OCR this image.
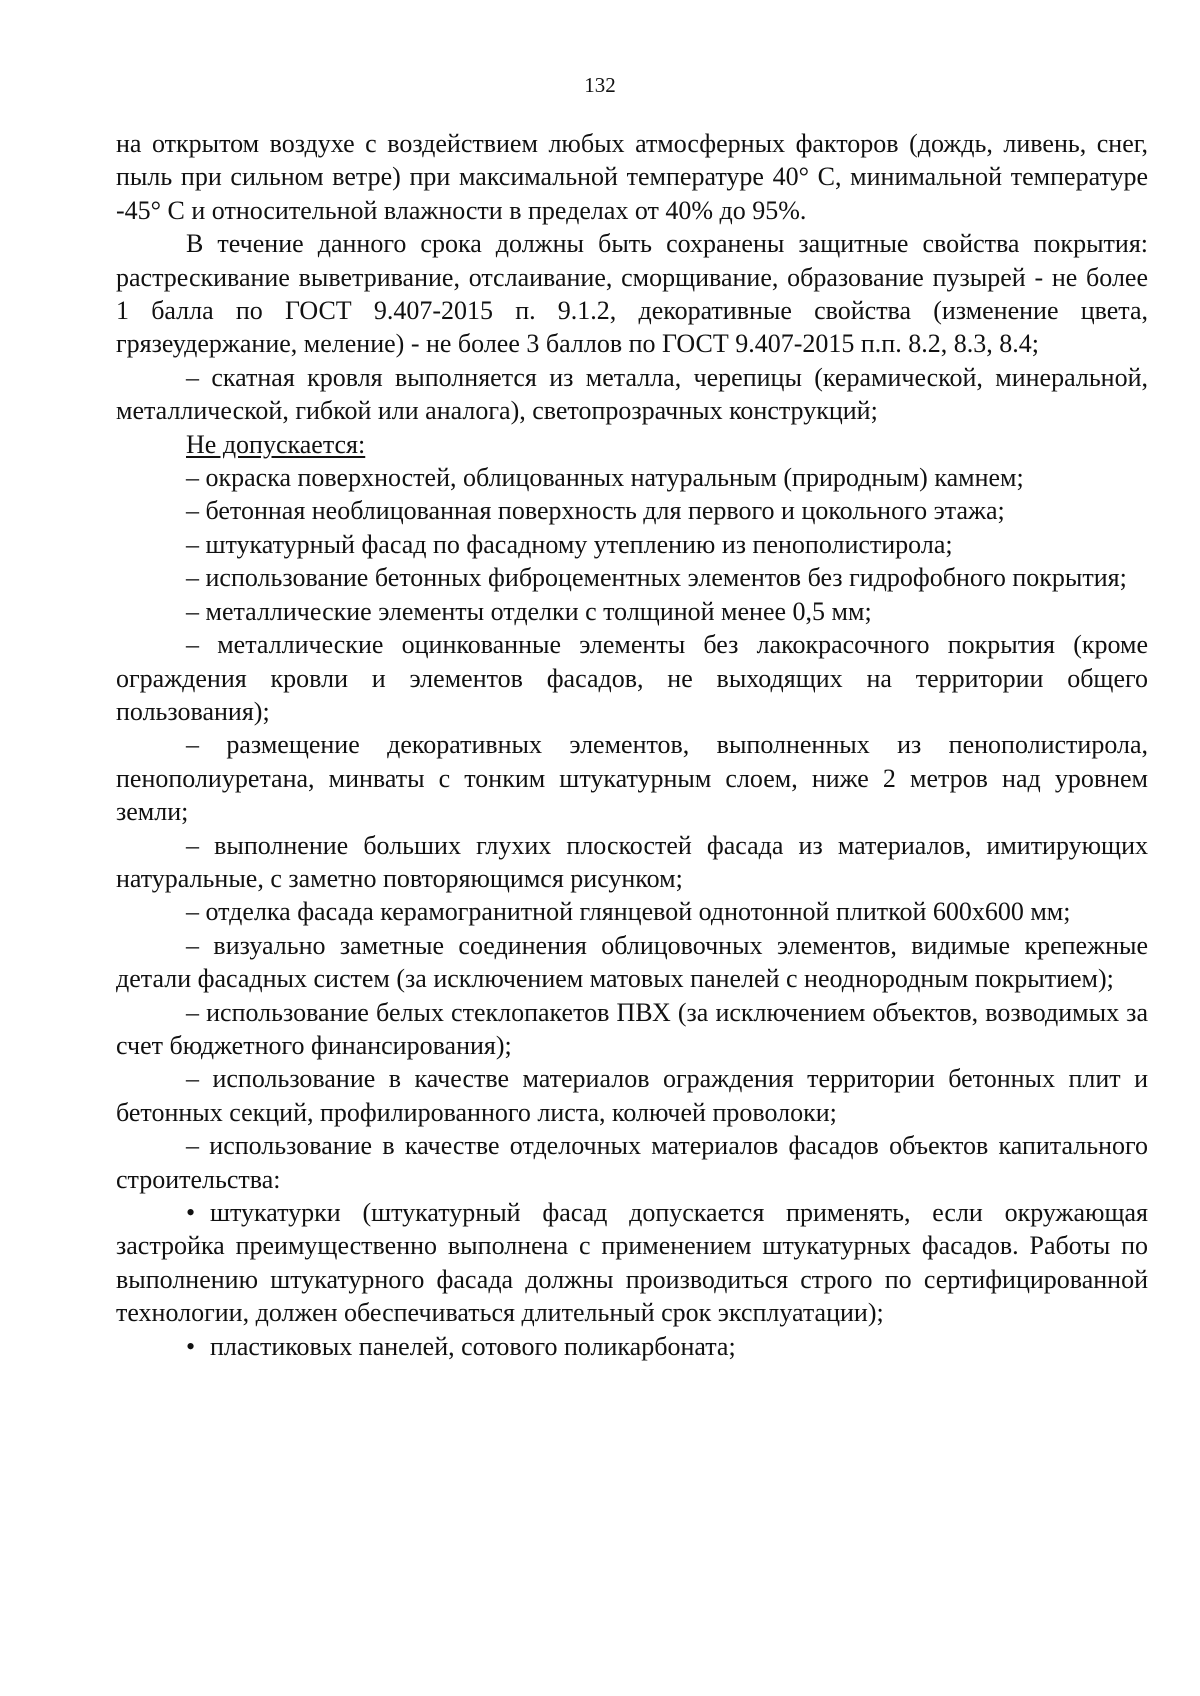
132

на открытом воздухе с воздействием любых атмосферных факторов (дождь, ливень, снег, пыль при сильном ветре) при максимальной температуре 40° С, минимальной температуре -45° С и относительной влажности в пределах от 40% до 95%.

В течение данного срока должны быть сохранены защитные свойства покрытия: растрескивание выветривание, отслаивание, сморщивание, образование пузырей - не более 1 балла по ГОСТ 9.407-2015 п. 9.1.2, декоративные свойства (изменение цвета, грязеудержание, меление) - не более 3 баллов по ГОСТ 9.407-2015 п.п. 8.2, 8.3, 8.4;

– скатная кровля выполняется из металла, черепицы (керамической, минеральной, металлической, гибкой или аналога), светопрозрачных конструкций;

Не допускается:

– окраска поверхностей, облицованных натуральным (природным) камнем;

– бетонная необлицованная поверхность для первого и цокольного этажа;

– штукатурный фасад по фасадному утеплению из пенополистирола;

– использование бетонных фиброцементных элементов без гидрофобного покрытия;

– металлические элементы отделки с толщиной менее 0,5 мм;

– металлические оцинкованные элементы без лакокрасочного покрытия (кроме ограждения кровли и элементов фасадов, не выходящих на территории общего пользования);

– размещение декоративных элементов, выполненных из пенополистирола, пенополиуретана, минваты с тонким штукатурным слоем, ниже 2 метров над уровнем земли;

– выполнение больших глухих плоскостей фасада из материалов, имитирующих натуральные, с заметно повторяющимся рисунком;

– отделка фасада керамогранитной глянцевой однотонной плиткой 600х600 мм;

– визуально заметные соединения облицовочных элементов, видимые крепежные детали фасадных систем (за исключением матовых панелей с неоднородным покрытием);

– использование белых стеклопакетов ПВХ (за исключением объектов, возводимых за счет бюджетного финансирования);

– использование в качестве материалов ограждения территории бетонных плит и бетонных секций, профилированного листа, колючей проволоки;

– использование в качестве отделочных материалов фасадов объектов капитального строительства:

• штукатурки (штукатурный фасад допускается применять, если окружающая застройка преимущественно выполнена с применением штукатурных фасадов. Работы по выполнению штукатурного фасада должны производиться строго по сертифицированной технологии, должен обеспечиваться длительный срок эксплуатации);

• пластиковых панелей, сотового поликарбоната;
